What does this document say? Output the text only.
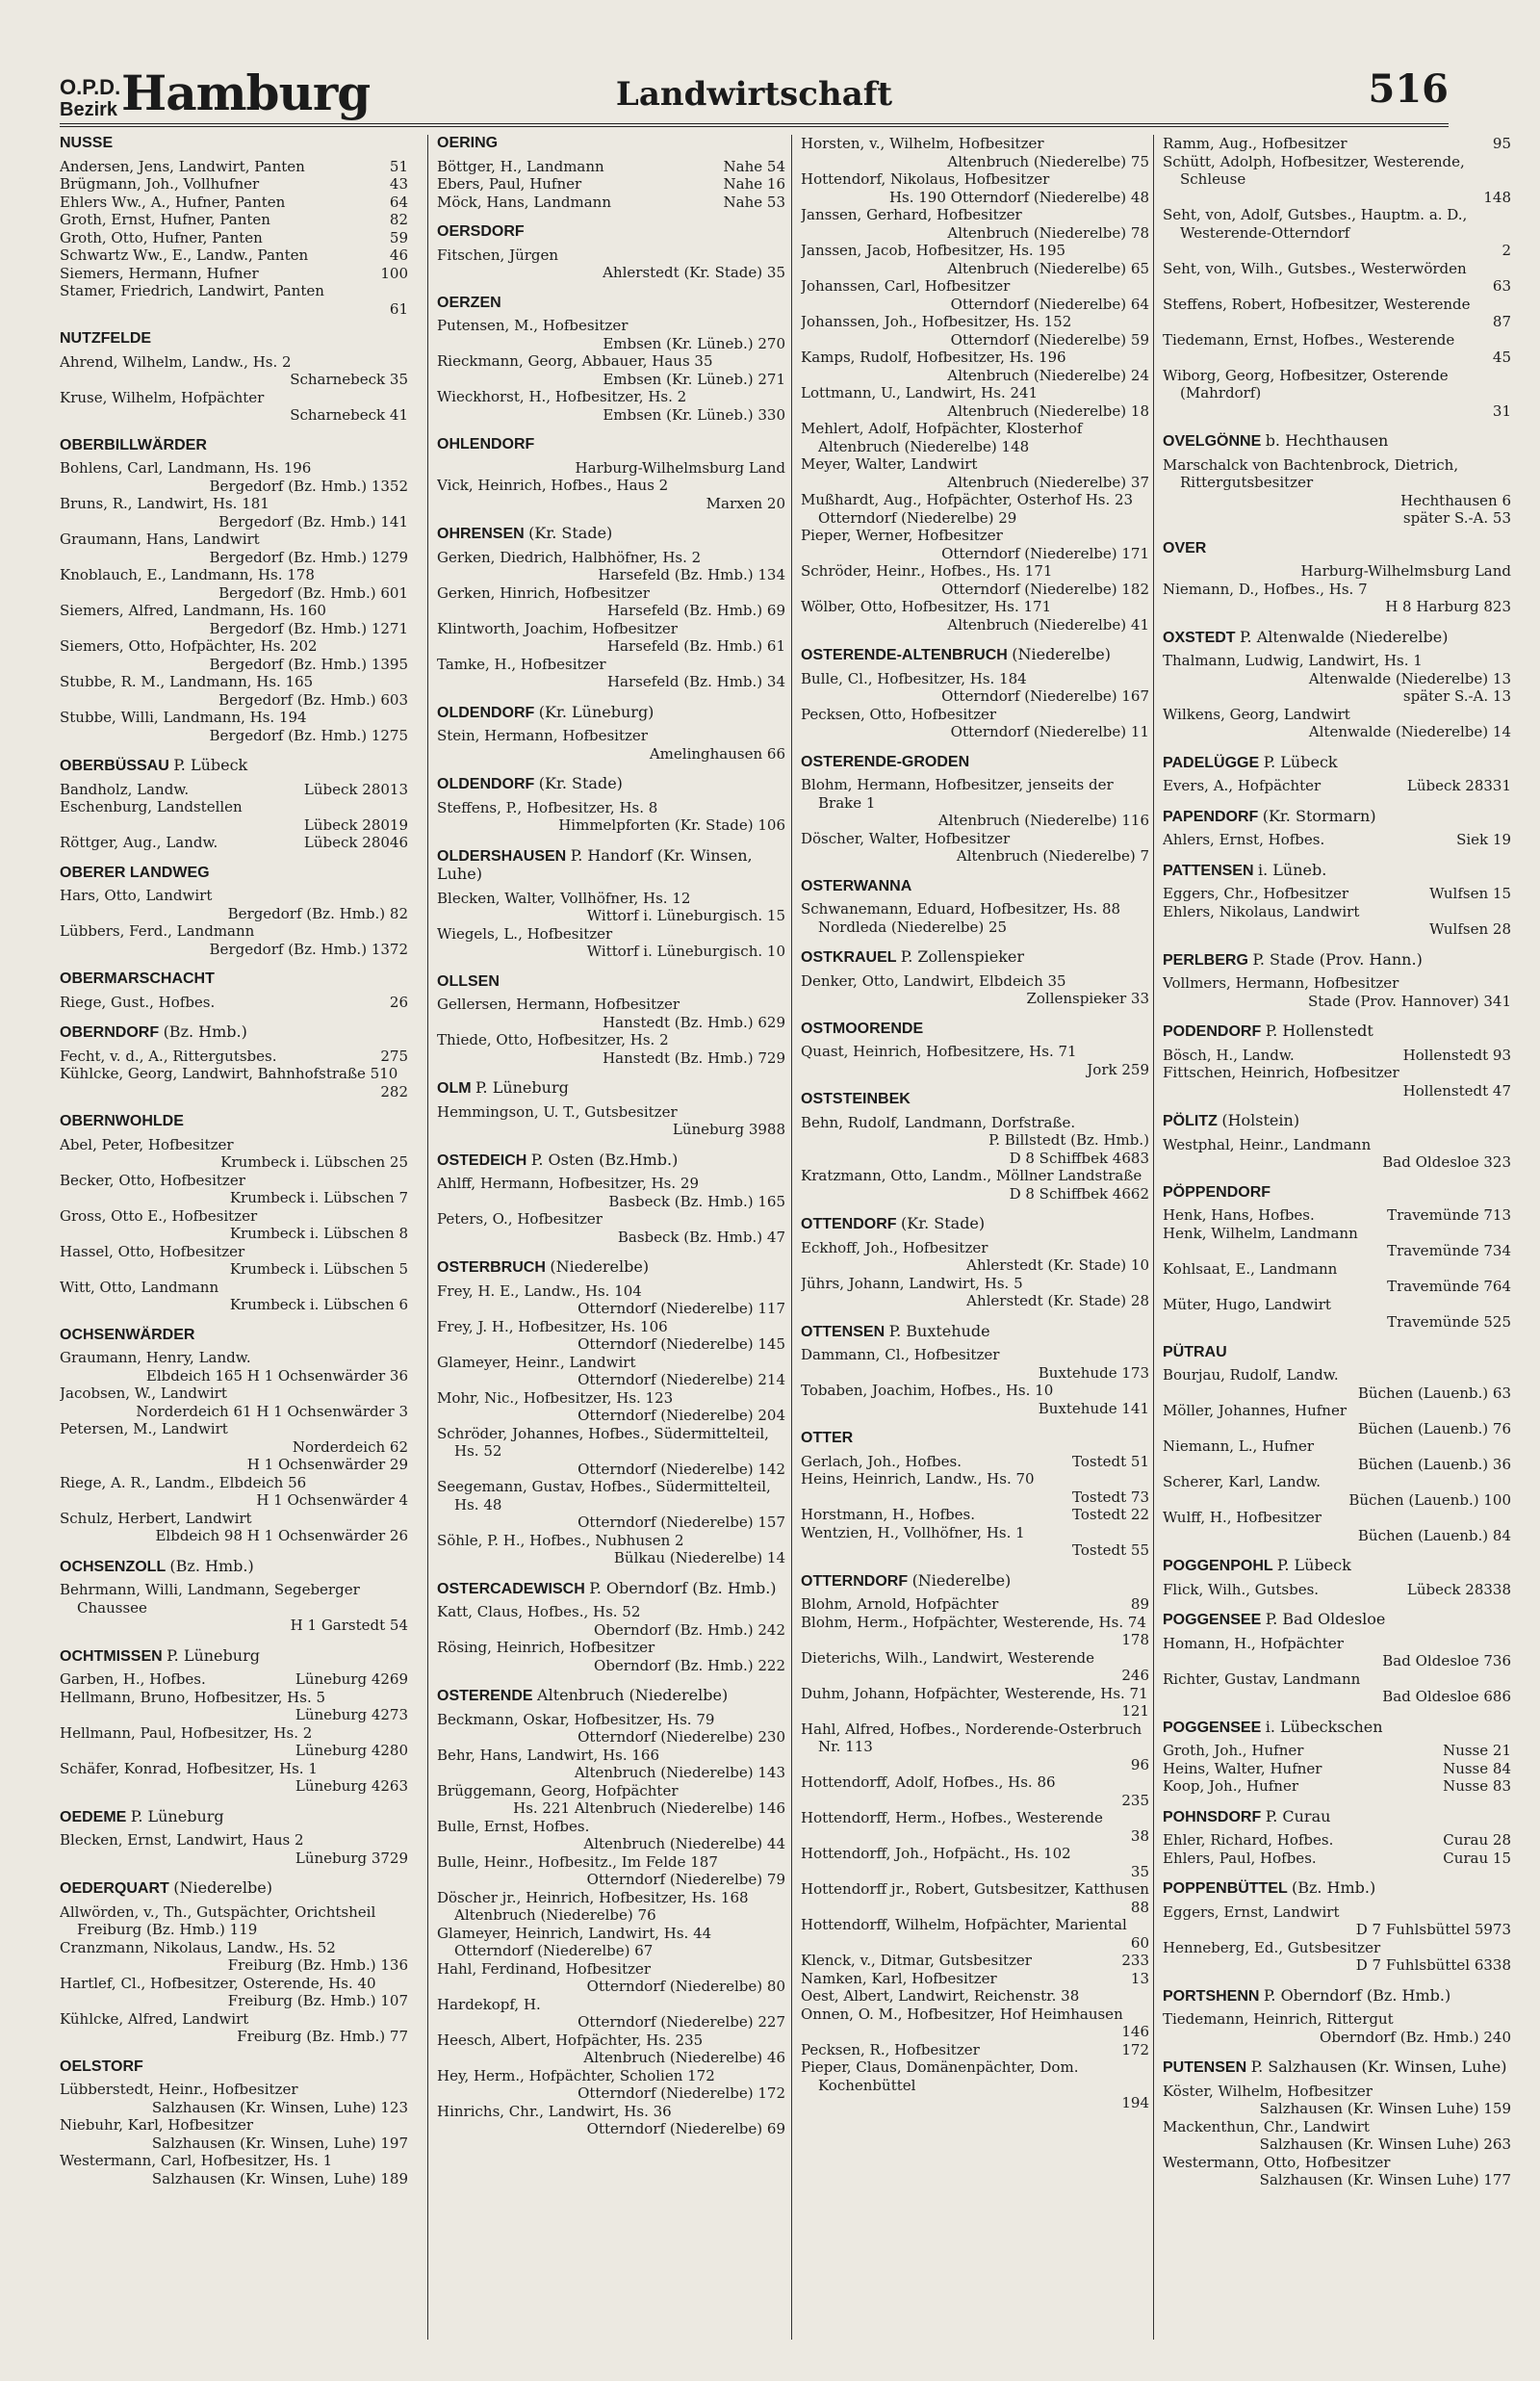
O.P.D.
Bezirk Hamburg	Landwirtschaft	516
NUSSE
51
Andersen, Jens, Landwirt, Panten
43
Brügmann, Joh., Vollhufner
64
Ehlers Ww., A., Hufner, Panten
82
Groth, Ernst, Hufner, Panten
59
Groth, Otto, Hufner, Panten
46
Schwartz Ww., E., Landw., Panten
100
Siemers, Hermann, Hufner
Stamer, Friedrich, Landwirt, Panten
61
NUTZFELDE
Ahrend, Wilhelm, Landw., Hs. 2
Scharnebeck 35
Kruse, Wilhelm, Hofpächter
Scharnebeck 41
OBERBILLWÄRDER
Bohlens, Carl, Landmann, Hs. 196
Bergedorf (Bz. Hmb.) 1352
Bruns, R., Landwirt, Hs. 181
Bergedorf (Bz. Hmb.) 141
Graumann, Hans, Landwirt
Bergedorf (Bz. Hmb.) 1279
Knoblauch, E., Landmann, Hs. 178
Bergedorf (Bz. Hmb.) 601
Siemers, Alfred, Landmann, Hs. 160
Bergedorf (Bz. Hmb.) 1271
Siemers, Otto, Hofpächter, Hs. 202
Bergedorf (Bz. Hmb.) 1395
Stubbe, R. M., Landmann, Hs. 165
Bergedorf (Bz. Hmb.) 603
Stubbe, Willi, Landmann, Hs. 194
Bergedorf (Bz. Hmb.) 1275
OBERBÜSSAU P. Lübeck
Lübeck 28013
Bandholz, Landw.
Eschenburg, Landstellen
Lübeck 28019
Lübeck 28046
Röttger, Aug., Landw.
OBERER LANDWEG
Hars, Otto, Landwirt
Bergedorf (Bz. Hmb.) 82
Lübbers, Ferd., Landmann
Bergedorf (Bz. Hmb.) 1372
OBERMARSCHACHT
26
Riege, Gust., Hofbes.
OBERNDORF (Bz. Hmb.)
275
Fecht, v. d., A., Rittergutsbes.
Kühlcke, Georg, Landwirt, Bahnhofstraße 510
282
OBERNWOHLDE
Abel, Peter, Hofbesitzer
Krumbeck i. Lübschen 25
Becker, Otto, Hofbesitzer
Krumbeck i. Lübschen 7
Gross, Otto E., Hofbesitzer
Krumbeck i. Lübschen 8
Hassel, Otto, Hofbesitzer
Krumbeck i. Lübschen 5
Witt, Otto, Landmann
Krumbeck i. Lübschen 6
OCHSENWÄRDER
Graumann, Henry, Landw.
Elbdeich 165 H 1 Ochsenwärder 36
Jacobsen, W., Landwirt
Norderdeich 61 H 1 Ochsenwärder 3
Petersen, M., Landwirt
Norderdeich 62
H 1 Ochsenwärder 29
Riege, A. R., Landm., Elbdeich 56
H 1 Ochsenwärder 4
Schulz, Herbert, Landwirt
Elbdeich 98 H 1 Ochsenwärder 26
OCHSENZOLL (Bz. Hmb.)
Behrmann, Willi, Landmann, Segeberger Chaussee
H 1 Garstedt 54
OCHTMISSEN P. Lüneburg
Lüneburg 4269
Garben, H., Hofbes.
Hellmann, Bruno, Hofbesitzer, Hs. 5
Lüneburg 4273
Hellmann, Paul, Hofbesitzer, Hs. 2
Lüneburg 4280
Schäfer, Konrad, Hofbesitzer, Hs. 1
Lüneburg 4263
OEDEME P. Lüneburg
Blecken, Ernst, Landwirt, Haus 2
Lüneburg 3729
OEDERQUART (Niederelbe)
Allwörden, v., Th., Gutspächter, Orichtsheil Freiburg (Bz. Hmb.) 119
Cranzmann, Nikolaus, Landw., Hs. 52
Freiburg (Bz. Hmb.) 136
Hartlef, Cl., Hofbesitzer, Osterende, Hs. 40
Freiburg (Bz. Hmb.) 107
Kühlcke, Alfred, Landwirt
Freiburg (Bz. Hmb.) 77
OELSTORF
Lübberstedt, Heinr., Hofbesitzer
Salzhausen (Kr. Winsen, Luhe) 123
Niebuhr, Karl, Hofbesitzer
Salzhausen (Kr. Winsen, Luhe) 197
Westermann, Carl, Hofbesitzer, Hs. 1
Salzhausen (Kr. Winsen, Luhe) 189
OERING
Nahe 54
Böttger, H., Landmann
Nahe 16
Ebers, Paul, Hufner
Nahe 53
Möck, Hans, Landmann
OERSDORF
Fitschen, Jürgen
Ahlerstedt (Kr. Stade) 35
OERZEN
Putensen, M., Hofbesitzer
Embsen (Kr. Lüneb.) 270
Rieckmann, Georg, Abbauer, Haus 35
Embsen (Kr. Lüneb.) 271
Wieckhorst, H., Hofbesitzer, Hs. 2
Embsen (Kr. Lüneb.) 330
OHLENDORF
Harburg-Wilhelmsburg Land
Vick, Heinrich, Hofbes., Haus 2
Marxen 20
OHRENSEN (Kr. Stade)
Gerken, Diedrich, Halbhöfner, Hs. 2
Harsefeld (Bz. Hmb.) 134
Gerken, Hinrich, Hofbesitzer
Harsefeld (Bz. Hmb.) 69
Klintworth, Joachim, Hofbesitzer
Harsefeld (Bz. Hmb.) 61
Tamke, H., Hofbesitzer
Harsefeld (Bz. Hmb.) 34
OLDENDORF (Kr. Lüneburg)
Stein, Hermann, Hofbesitzer
Amelinghausen 66
OLDENDORF (Kr. Stade)
Steffens, P., Hofbesitzer, Hs. 8
Himmelpforten (Kr. Stade) 106
OLDERSHAUSEN P. Handorf (Kr. Winsen, Luhe)
Blecken, Walter, Vollhöfner, Hs. 12
Wittorf i. Lüneburgisch. 15
Wiegels, L., Hofbesitzer
Wittorf i. Lüneburgisch. 10
OLLSEN
Gellersen, Hermann, Hofbesitzer
Hanstedt (Bz. Hmb.) 629
Thiede, Otto, Hofbesitzer, Hs. 2
Hanstedt (Bz. Hmb.) 729
OLM P. Lüneburg
Hemmingson, U. T., Gutsbesitzer
Lüneburg 3988
OSTEDEICH P. Osten (Bz.Hmb.)
Ahlff, Hermann, Hofbesitzer, Hs. 29
Basbeck (Bz. Hmb.) 165
Peters, O., Hofbesitzer
Basbeck (Bz. Hmb.) 47
OSTERBRUCH (Niederelbe)
Frey, H. E., Landw., Hs. 104
Otterndorf (Niederelbe) 117
Frey, J. H., Hofbesitzer, Hs. 106
Otterndorf (Niederelbe) 145
Glameyer, Heinr., Landwirt
Otterndorf (Niederelbe) 214
Mohr, Nic., Hofbesitzer, Hs. 123
Otterndorf (Niederelbe) 204
Schröder, Johannes, Hofbes., Südermittelteil, Hs. 52
Otterndorf (Niederelbe) 142
Seegemann, Gustav, Hofbes., Südermittelteil, Hs. 48
Otterndorf (Niederelbe) 157
Söhle, P. H., Hofbes., Nubhusen 2
Bülkau (Niederelbe) 14
OSTERCADEWISCH P. Oberndorf (Bz. Hmb.)
Katt, Claus, Hofbes., Hs. 52
Oberndorf (Bz. Hmb.) 242
Rösing, Heinrich, Hofbesitzer
Oberndorf (Bz. Hmb.) 222
OSTERENDE Altenbruch (Niederelbe)
Beckmann, Oskar, Hofbesitzer, Hs. 79
Otterndorf (Niederelbe) 230
Behr, Hans, Landwirt, Hs. 166
Altenbruch (Niederelbe) 143
Brüggemann, Georg, Hofpächter
Hs. 221 Altenbruch (Niederelbe) 146
Bulle, Ernst, Hofbes.
Altenbruch (Niederelbe) 44
Bulle, Heinr., Hofbesitz., Im Felde 187
Otterndorf (Niederelbe) 79
Döscher jr., Heinrich, Hofbesitzer, Hs. 168 Altenbruch (Niederelbe) 76
Glameyer, Heinrich, Landwirt, Hs. 44 Otterndorf (Niederelbe) 67
Hahl, Ferdinand, Hofbesitzer
Otterndorf (Niederelbe) 80
Hardekopf, H.
Otterndorf (Niederelbe) 227
Heesch, Albert, Hofpächter, Hs. 235
Altenbruch (Niederelbe) 46
Hey, Herm., Hofpächter, Scholien 172
Otterndorf (Niederelbe) 172
Hinrichs, Chr., Landwirt, Hs. 36
Otterndorf (Niederelbe) 69
Horsten, v., Wilhelm, Hofbesitzer
Altenbruch (Niederelbe) 75
Hottendorf, Nikolaus, Hofbesitzer
Hs. 190 Otterndorf (Niederelbe) 48
Janssen, Gerhard, Hofbesitzer
Altenbruch (Niederelbe) 78
Janssen, Jacob, Hofbesitzer, Hs. 195
Altenbruch (Niederelbe) 65
Johanssen, Carl, Hofbesitzer
Otterndorf (Niederelbe) 64
Johanssen, Joh., Hofbesitzer, Hs. 152
Otterndorf (Niederelbe) 59
Kamps, Rudolf, Hofbesitzer, Hs. 196
Altenbruch (Niederelbe) 24
Lottmann, U., Landwirt, Hs. 241
Altenbruch (Niederelbe) 18
Mehlert, Adolf, Hofpächter, Klosterhof Altenbruch (Niederelbe) 148
Meyer, Walter, Landwirt
Altenbruch (Niederelbe) 37
Mußhardt, Aug., Hofpächter, Osterhof Hs. 23 Otterndorf (Niederelbe) 29
Pieper, Werner, Hofbesitzer
Otterndorf (Niederelbe) 171
Schröder, Heinr., Hofbes., Hs. 171
Otterndorf (Niederelbe) 182
Wölber, Otto, Hofbesitzer, Hs. 171
Altenbruch (Niederelbe) 41
OSTERENDE-ALTENBRUCH (Niederelbe)
Bulle, Cl., Hofbesitzer, Hs. 184
Otterndorf (Niederelbe) 167
Pecksen, Otto, Hofbesitzer
Otterndorf (Niederelbe) 11
OSTERENDE-GRODEN
Blohm, Hermann, Hofbesitzer, jenseits der Brake 1
Altenbruch (Niederelbe) 116
Döscher, Walter, Hofbesitzer
Altenbruch (Niederelbe) 7
OSTERWANNA
Schwanemann, Eduard, Hofbesitzer, Hs. 88 Nordleda (Niederelbe) 25
OSTKRAUEL P. Zollenspieker
Denker, Otto, Landwirt, Elbdeich 35
Zollenspieker 33
OSTMOORENDE
Quast, Heinrich, Hofbesitzere, Hs. 71
Jork 259
OSTSTEINBEK
Behn, Rudolf, Landmann, Dorfstraße.
P. Billstedt (Bz. Hmb.)
D 8 Schiffbek 4683
Kratzmann, Otto, Landm., Möllner Landstraße
D 8 Schiffbek 4662
OTTENDORF (Kr. Stade)
Eckhoff, Joh., Hofbesitzer
Ahlerstedt (Kr. Stade) 10
Jührs, Johann, Landwirt, Hs. 5
Ahlerstedt (Kr. Stade) 28
OTTENSEN P. Buxtehude
Dammann, Cl., Hofbesitzer
Buxtehude 173
Tobaben, Joachim, Hofbes., Hs. 10
Buxtehude 141
OTTER
Tostedt 51
Gerlach, Joh., Hofbes.
Heins, Heinrich, Landw., Hs. 70
Tostedt 73
Tostedt 22
Horstmann, H., Hofbes.
Wentzien, H., Vollhöfner, Hs. 1
Tostedt 55
OTTERNDORF (Niederelbe)
89
Blohm, Arnold, Hofpächter
Blohm, Herm., Hofpächter, Westerende, Hs. 74
178
Dieterichs, Wilh., Landwirt, Westerende
246
Duhm, Johann, Hofpächter, Westerende, Hs. 71
121
Hahl, Alfred, Hofbes., Norderende-Osterbruch Nr. 113
96
Hottendorff, Adolf, Hofbes., Hs. 86
235
Hottendorff, Herm., Hofbes., Westerende
38
Hottendorff, Joh., Hofpächt., Hs. 102
35
Hottendorff jr., Robert, Gutsbesitzer, Katthusen
88
Hottendorff, Wilhelm, Hofpächter, Mariental
60
233
Klenck, v., Ditmar, Gutsbesitzer
13
Namken, Karl, Hofbesitzer
Oest, Albert, Landwirt, Reichenstr. 38
Onnen, O. M., Hofbesitzer, Hof Heimhausen
146
172
Pecksen, R., Hofbesitzer
Pieper, Claus, Domänenpächter, Dom. Kochenbüttel
194
95
Ramm, Aug., Hofbesitzer
Schütt, Adolph, Hofbesitzer, Westerende, Schleuse
148
Seht, von, Adolf, Gutsbes., Hauptm. a. D., Westerende-Otterndorf
2
Seht, von, Wilh., Gutsbes., Westerwörden
63
Steffens, Robert, Hofbesitzer, Westerende
87
Tiedemann, Ernst, Hofbes., Westerende
45
Wiborg, Georg, Hofbesitzer, Osterende (Mahrdorf)
31
OVELGÖNNE b. Hechthausen
Marschalck von Bachtenbrock, Dietrich, Rittergutsbesitzer
Hechthausen 6
später S.-A. 53
OVER
Harburg-Wilhelmsburg Land
Niemann, D., Hofbes., Hs. 7
H 8 Harburg 823
OXSTEDT P. Altenwalde (Niederelbe)
Thalmann, Ludwig, Landwirt, Hs. 1
Altenwalde (Niederelbe) 13
später S.-A. 13
Wilkens, Georg, Landwirt
Altenwalde (Niederelbe) 14
PADELÜGGE P. Lübeck
Lübeck 28331
Evers, A., Hofpächter
PAPENDORF (Kr. Stormarn)
Siek 19
Ahlers, Ernst, Hofbes.
PATTENSEN i. Lüneb.
Wulfsen 15
Eggers, Chr., Hofbesitzer
Ehlers, Nikolaus, Landwirt
Wulfsen 28
PERLBERG P. Stade (Prov. Hann.)
Vollmers, Hermann, Hofbesitzer
Stade (Prov. Hannover) 341
PODENDORF P. Hollenstedt
Hollenstedt 93
Bösch, H., Landw.
Fittschen, Heinrich, Hofbesitzer
Hollenstedt 47
PÖLITZ (Holstein)
Westphal, Heinr., Landmann
Bad Oldesloe 323
PÖPPENDORF
Travemünde 713
Henk, Hans, Hofbes.
Henk, Wilhelm, Landmann
Travemünde 734
Kohlsaat, E., Landmann
Travemünde 764
Müter, Hugo, Landwirt
Travemünde 525
PÜTRAU
Bourjau, Rudolf, Landw.
Büchen (Lauenb.) 63
Möller, Johannes, Hufner
Büchen (Lauenb.) 76
Niemann, L., Hufner
Büchen (Lauenb.) 36
Scherer, Karl, Landw.
Büchen (Lauenb.) 100
Wulff, H., Hofbesitzer
Büchen (Lauenb.) 84
POGGENPOHL P. Lübeck
Lübeck 28338
Flick, Wilh., Gutsbes.
POGGENSEE P. Bad Oldesloe
Homann, H., Hofpächter
Bad Oldesloe 736
Richter, Gustav, Landmann
Bad Oldesloe 686
POGGENSEE i. Lübeckschen
Nusse 21
Groth, Joh., Hufner
Nusse 84
Heins, Walter, Hufner
Nusse 83
Koop, Joh., Hufner
POHNSDORF P. Curau
Curau 28
Ehler, Richard, Hofbes.
Curau 15
Ehlers, Paul, Hofbes.
POPPENBÜTTEL (Bz. Hmb.)
Eggers, Ernst, Landwirt
D 7 Fuhlsbüttel 5973
Henneberg, Ed., Gutsbesitzer
D 7 Fuhlsbüttel 6338
PORTSHENN P. Oberndorf (Bz. Hmb.)
Tiedemann, Heinrich, Rittergut
Oberndorf (Bz. Hmb.) 240
PUTENSEN P. Salzhausen (Kr. Winsen, Luhe)
Köster, Wilhelm, Hofbesitzer
Salzhausen (Kr. Winsen Luhe) 159
Mackenthun, Chr., Landwirt
Salzhausen (Kr. Winsen Luhe) 263
Westermann, Otto, Hofbesitzer
Salzhausen (Kr. Winsen Luhe) 177
